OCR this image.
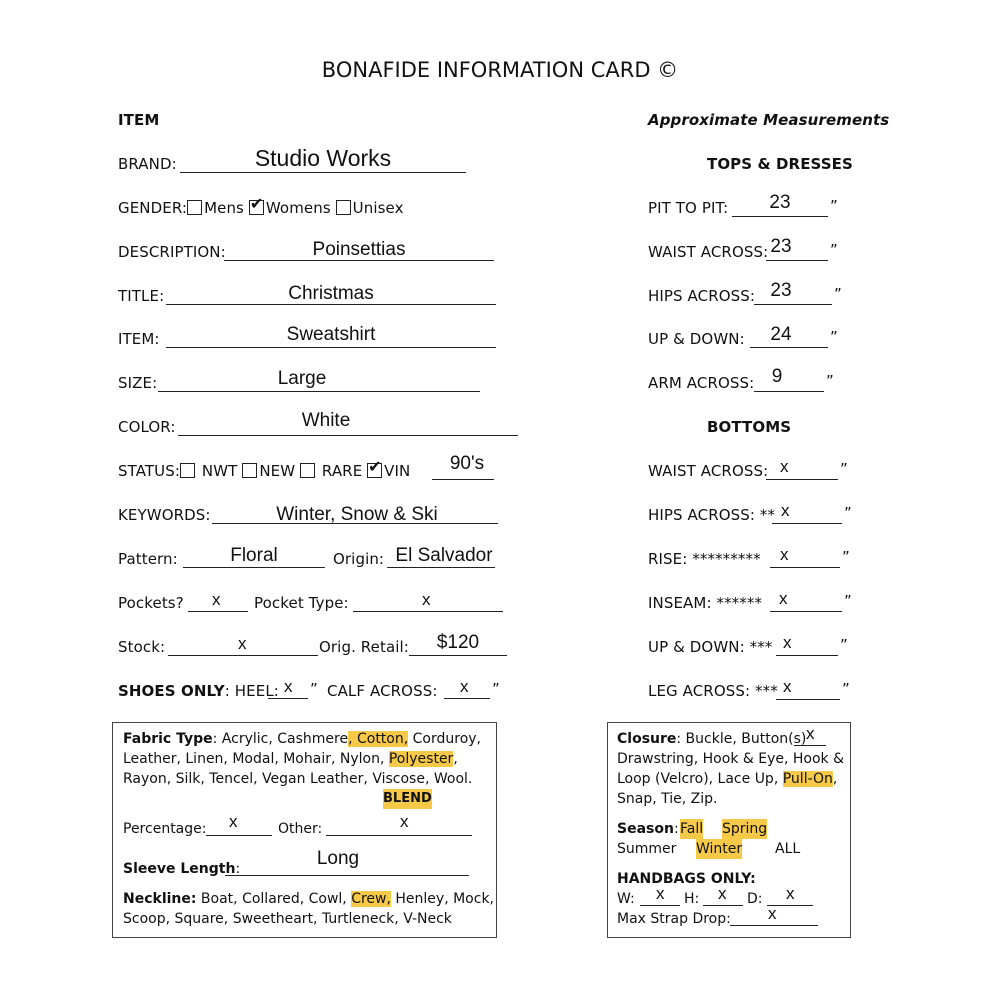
BONAFIDE INFORMATION CARD ©
ITEM
BRAND:	Studio Works
GENDER: Mens ✔ Womens Unisex
DESCRIPTION:	Poinsettias
TITLE:	Christmas
ITEM:	Sweatshirt
SIZE:	Large
COLOR:	White
STATUS: NWT NEW RARE ✔ VIN	90's
KEYWORDS:	Winter, Snow & Ski
Pattern:	Floral	Origin: El Salvador
Pockets? x Pocket Type:	x
Stock:	x	Orig. Retail:	$120
SHOES ONLY: HEEL: x ” CALF ACROSS: x ”
Approximate Measurements
TOPS & DRESSES
BOTTOMS
PIT TO PIT:	23	”
WAIST ACROSS: 23	”
HIPS ACROSS: 23	”
UP & DOWN:	24	”
ARM ACROSS: 9	”
WAIST ACROSS: x	”
HIPS ACROSS: ** x	”
RISE: ********* x	”
INSEAM: ****** x	”
UP & DOWN: *** x	”
LEG ACROSS: *** x	”
Fabric Type: Acrylic, Cashmere, Cotton, Corduroy,
Leather, Linen, Modal, Mohair, Nylon, Polyester,
Rayon, Silk, Tencel, Vegan Leather, Viscose, Wool.
BLEND
Percentage: x	Other:	x
Sleeve Length:	Long
Neckline: Boat, Collared, Cowl, Crew, Henley, Mock,
Scoop, Square, Sweetheart, Turtleneck, V-Neck
Closure: Buckle, Button(s) x
Drawstring, Hook & Eye, Hook &
Loop (Velcro), Lace Up, Pull-On,
Snap, Tie, Zip.
Season: Fall Spring
Summer Winter ALL
HANDBAGS ONLY:
W: x H: x D: x
Max Strap Drop: x
